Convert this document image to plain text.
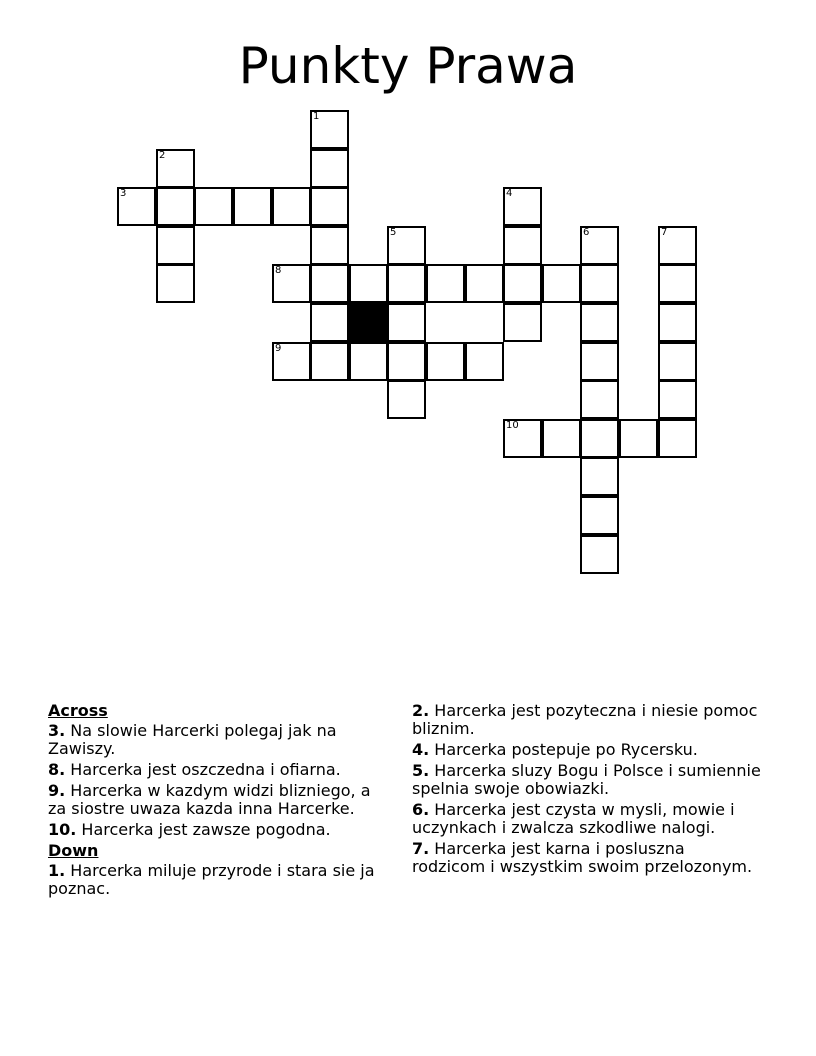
Punkty Prawa
1
2
3	4
5	6	7
8
9
10
Across
3. Na slowie Harcerki polegaj jak na Zawiszy.
8. Harcerka jest oszczedna i ofiarna.
9. Harcerka w kazdym widzi blizniego, a za siostre uwaza kazda inna Harcerke.
10. Harcerka jest zawsze pogodna.
Down
1. Harcerka miluje przyrode i stara sie ja poznac.
2. Harcerka jest pozyteczna i niesie pomoc bliznim.
4. Harcerka postepuje po Rycersku.
5. Harcerka sluzy Bogu i Polsce i sumiennie spelnia swoje obowiazki.
6. Harcerka jest czysta w mysli, mowie i uczynkach i zwalcza szkodliwe nalogi.
7. Harcerka jest karna i posluszna rodzicom i wszystkim swoim przelozonym.
